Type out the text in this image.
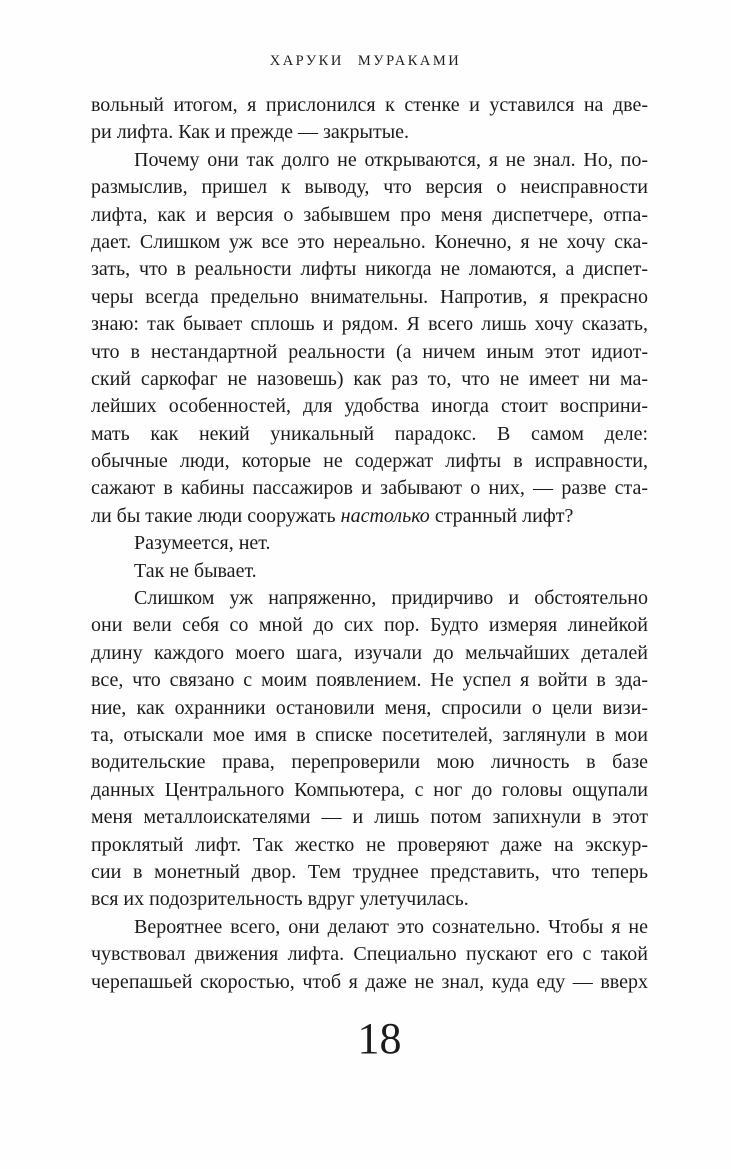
ХАРУКИ МУРАКАМИ
вольный итогом, я прислонился к стенке и уставился на две-
ри лифта. Как и прежде — закрытые.
Почему они так долго не открываются, я не знал. Но, по-
размыслив, пришел к выводу, что версия о неисправности
лифта, как и версия о забывшем про меня диспетчере, отпа-
дает. Слишком уж все это нереально. Конечно, я не хочу ска-
зать, что в реальности лифты никогда не ломаются, а диспет-
черы всегда предельно внимательны. Напротив, я прекрасно
знаю: так бывает сплошь и рядом. Я всего лишь хочу сказать,
что в нестандартной реальности (а ничем иным этот идиот-
ский саркофаг не назовешь) как раз то, что не имеет ни ма-
лейших особенностей, для удобства иногда стоит восприни-
мать как некий уникальный парадокс. В самом деле:
обычные люди, которые не содержат лифты в исправности,
сажают в кабины пассажиров и забывают о них, — разве ста-
ли бы такие люди сооружать настолько странный лифт?
Разумеется, нет.
Так не бывает.
Слишком уж напряженно, придирчиво и обстоятельно
они вели себя со мной до сих пор. Будто измеряя линейкой
длину каждого моего шага, изучали до мельчайших деталей
все, что связано с моим появлением. Не успел я войти в зда-
ние, как охранники остановили меня, спросили о цели визи-
та, отыскали мое имя в списке посетителей, заглянули в мои
водительские права, перепроверили мою личность в базе
данных Центрального Компьютера, с ног до головы ощупали
меня металлоискателями — и лишь потом запихнули в этот
проклятый лифт. Так жестко не проверяют даже на экскур-
сии в монетный двор. Тем труднее представить, что теперь
вся их подозрительность вдруг улетучилась.
Вероятнее всего, они делают это сознательно. Чтобы я не
чувствовал движения лифта. Специально пускают его с такой
черепашьей скоростью, чтоб я даже не знал, куда еду — вверх
18
